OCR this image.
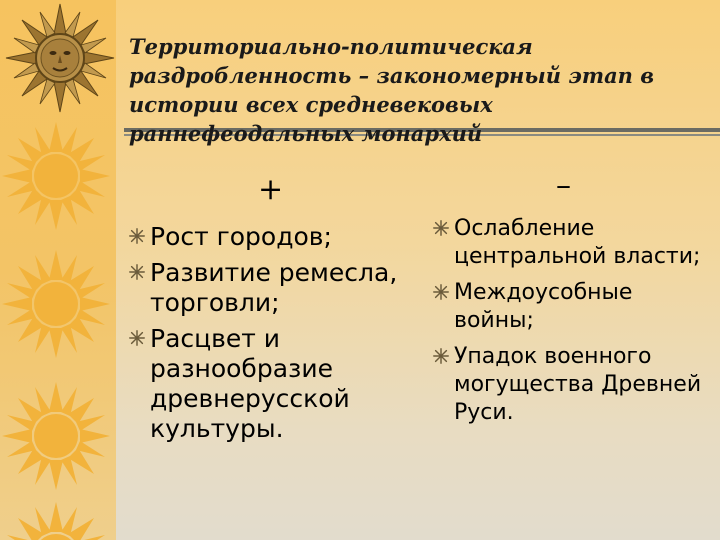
Территориально-политическая раздробленность – закономерный этап в истории всех средневековых раннефеодальных монархий
+	–
Рост городов;
Развитие ремесла, торговли;
Расцвет и разнообразие древнерусской культуры.
Ослабление центральной власти;
Междоусобные войны;
Упадок военного могущества Древней Руси.
